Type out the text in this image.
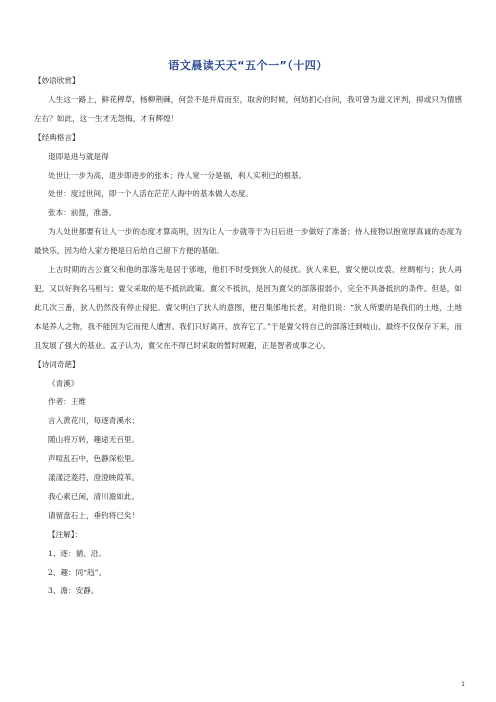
语文晨读天天“五个一”（十四）
【妙语欣赏】
人生这一路上，鲜花稗草，杨柳荆棘，何尝不是并肩而至，取舍的时候，何妨扪心自问，我可曾为道义评判，抑或只为情感左右？如此，这一生才无怨悔，才有辉煌！
【经典格言】
退即是进与就是得
处世让一步为高，退步即进步的张本；待人宽一分是福，利人实利已的根基。
处世：度过世间，即一个人活在茫茫人海中的基本做人态度。
张本：前提，准备。
为人处世都要有让人一步的态度才算高明，因为让人一步就等于为日后进一步做好了准备；待人接物以抱宽厚真诚的态度为最快乐，因为给人家方便是日后给自己留下方便的基础。
上古时期的古公亶父和他的部落先是居于邠地，他们不时受到狄人的侵扰。狄人来犯，亶父便以皮裘、丝绸相与；狄人再犯，又以好狗名马相与；亶父采取的是不抵抗政策。亶父不抵抗，是因为亶父的部落很弱小，完全不具备抵抗的条件。但是，如此几次三番，狄人仍然没有停止侵犯。亶父明白了狄人的意图，便召集邠地长老，对他们说：“狄人所要的是我们的土地，土地本是养人之物，我不能因为它而使人遭害。我们只好离开，放弃它了。”于是亶父将自己的部落迁到岐山，最终不仅保存下来，而且发展了强大的基业。孟子认为，亶父在不得已时采取的暂时规避，正是智者成事之心。
【诗词奇葩】
《青溪》
作者：王维
言入黄花川，每逐青溪水；
随山将万转，趣途无百里。
声喧乱石中，色静深松里。
漾漾泛菱荇，澄澄映葭苇。
我心素已闲，清川澹如此。
请留盘石上，垂钓将已矣！
【注解】：
1、逐：循、沿。
2、趣：同“趋”。
3、澹：安静。
1
